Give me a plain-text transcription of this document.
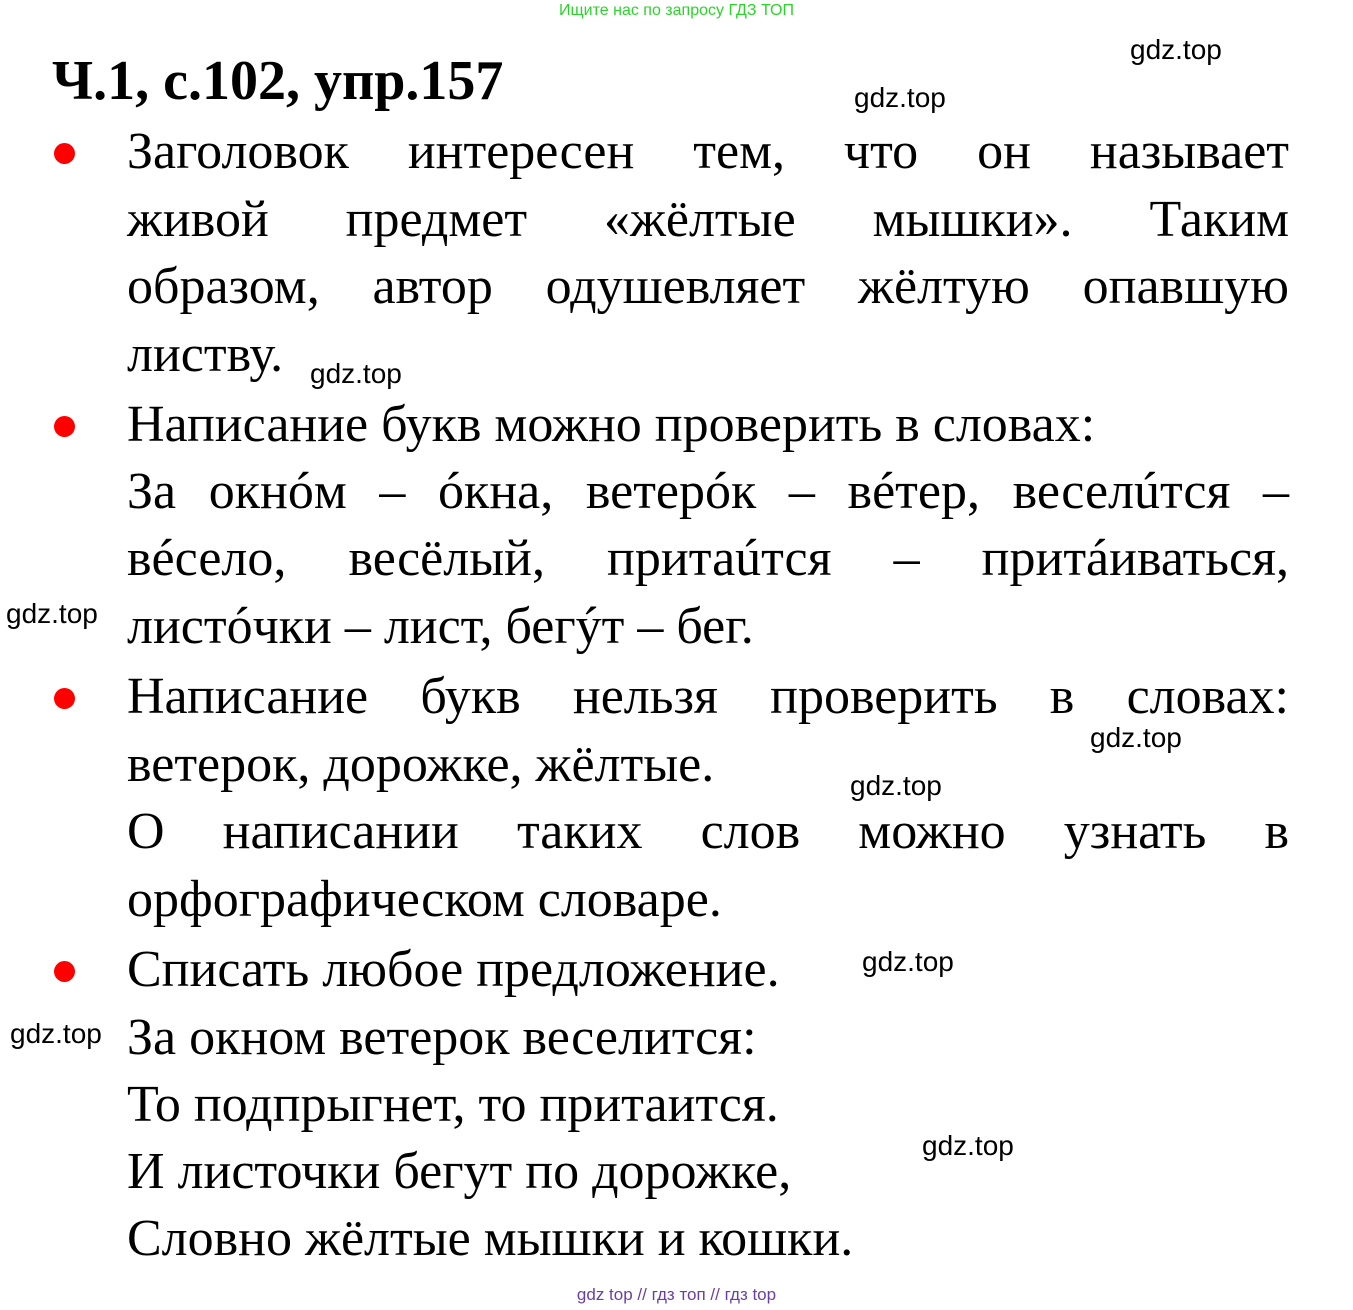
Ищите нас по запросу ГДЗ ТОП
Ч.1, с.102, упр.157
gdz.top
gdz.top
gdz.top
gdz.top
gdz.top
gdz.top
gdz.top
gdz.top
gdz.top
Заголовок интересен тем, что он называет
живой предмет «жёлтые мышки». Таким
образом, автор одушевляет жёлтую опавшую
листву.
Написание букв можно проверить в словах:
За окнóм – óкна, ветерóк – вéтер, веселúтся –
вéсело, весёлый, притаúтся – притáиваться,
листóчки – лист, бегýт – бег.
Написание букв нельзя проверить в словах:
ветерок, дорожке, жёлтые.
О написании таких слов можно узнать в
орфографическом словаре.
Списать любое предложение.
За окном ветерок веселится:
То подпрыгнет, то притаится.
И листочки бегут по дорожке,
Словно жёлтые мышки и кошки.
gdz top // гдз топ // гдз top
